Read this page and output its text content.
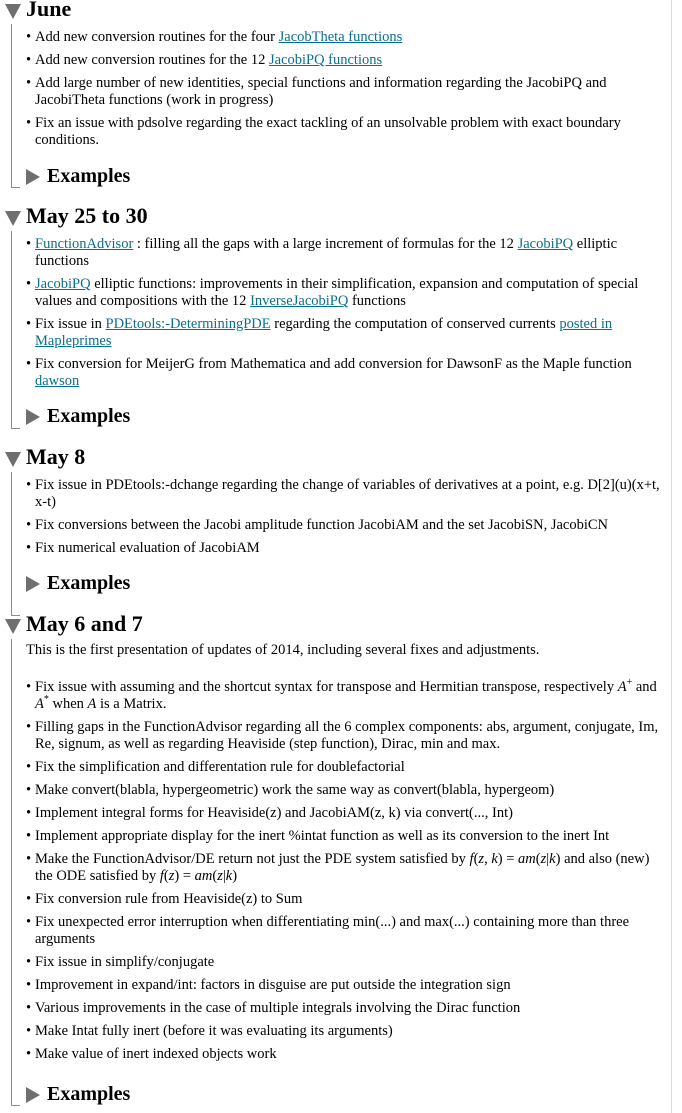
June
• Add new conversion routines for the four JacobTheta functions
• Add new conversion routines for the 12 JacobiPQ functions
• Add large number of new identities, special functions and information regarding the JacobiPQ and JacobiTheta functions (work in progress)
• Fix an issue with pdsolve regarding the exact tackling of an unsolvable problem with exact boundary conditions.
Examples
May 25 to 30
• FunctionAdvisor : filling all the gaps with a large increment of formulas for the 12 JacobiPQ elliptic functions
• JacobiPQ elliptic functions: improvements in their simplification, expansion and computation of special values and compositions with the 12 InverseJacobiPQ functions
• Fix issue in PDEtools:-DeterminingPDE regarding the computation of conserved currents posted in Mapleprimes
• Fix conversion for MeijerG from Mathematica and add conversion for DawsonF as the Maple function dawson
Examples
May 8
• Fix issue in PDEtools:-dchange regarding the change of variables of derivatives at a point, e.g. D[2](u)(x+t, x-t)
• Fix conversions between the Jacobi amplitude function JacobiAM and the set JacobiSN, JacobiCN
• Fix numerical evaluation of JacobiAM
Examples
May 6 and 7
This is the first presentation of updates of 2014, including several fixes and adjustments.
• Fix issue with assuming and the shortcut syntax for transpose and Hermitian transpose, respectively A+ and A* when A is a Matrix.
• Filling gaps in the FunctionAdvisor regarding all the 6 complex components: abs, argument, conjugate, Im, Re, signum, as well as regarding Heaviside (step function), Dirac, min and max.
• Fix the simplification and differentation rule for doublefactorial
• Make convert(blabla, hypergeometric) work the same way as convert(blabla, hypergeom)
• Implement integral forms for Heaviside(z) and JacobiAM(z, k) via convert(..., Int)
• Implement appropriate display for the inert %intat function as well as its conversion to the inert Int
• Make the FunctionAdvisor/DE return not just the PDE system satisfied by f(z, k) = am(z|k) and also (new) the ODE satisfied by f(z) = am(z|k)
• Fix conversion rule from Heaviside(z) to Sum
• Fix unexpected error interruption when differentiating min(...) and max(...) containing more than three arguments
• Fix issue in simplify/conjugate
• Improvement in expand/int: factors in disguise are put outside the integration sign
• Various improvements in the case of multiple integrals involving the Dirac function
• Make Intat fully inert (before it was evaluating its arguments)
• Make value of inert indexed objects work
Examples
